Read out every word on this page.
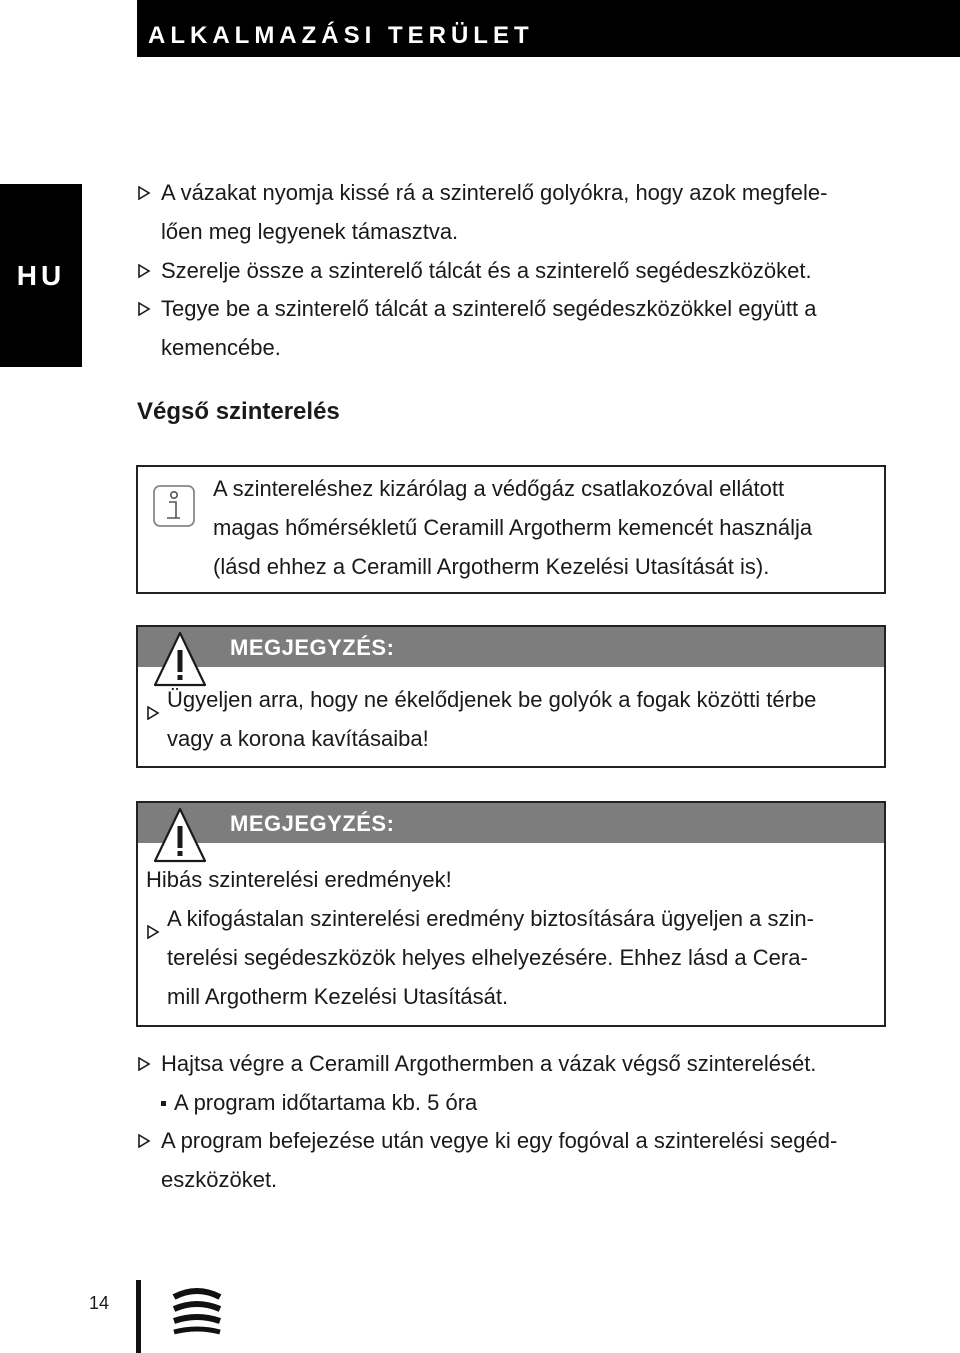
ALKALMAZÁSI TERÜLET
HU
A vázakat nyomja kissé rá a szinterelő golyókra, hogy azok megfele-
lően meg legyenek támasztva.
Szerelje össze a szinterelő tálcát és a szinterelő segédeszközöket.
Tegye be a szinterelő tálcát a szinterelő segédeszközökkel együtt a
kemencébe.
Végső szinterelés
A szintereléshez kizárólag a védőgáz csatlakozóval ellátott
magas hőmérsékletű Ceramill Argotherm kemencét használja
(lásd ehhez a Ceramill Argotherm Kezelési Utasítását is).
MEGJEGYZÉS:
Ügyeljen arra, hogy ne ékelődjenek be golyók a fogak közötti térbe
vagy a korona kavításaiba!
MEGJEGYZÉS:
Hibás szinterelési eredmények!
A kifogástalan szinterelési eredmény biztosítására ügyeljen a szin-
terelési segédeszközök helyes elhelyezésére. Ehhez lásd a Cera-
mill Argotherm Kezelési Utasítását.
Hajtsa végre a Ceramill Argothermben a vázak végső szinterelését.
A program időtartama kb. 5 óra
A program befejezése után vegye ki egy fogóval a szinterelési segéd-
eszközöket.
14
